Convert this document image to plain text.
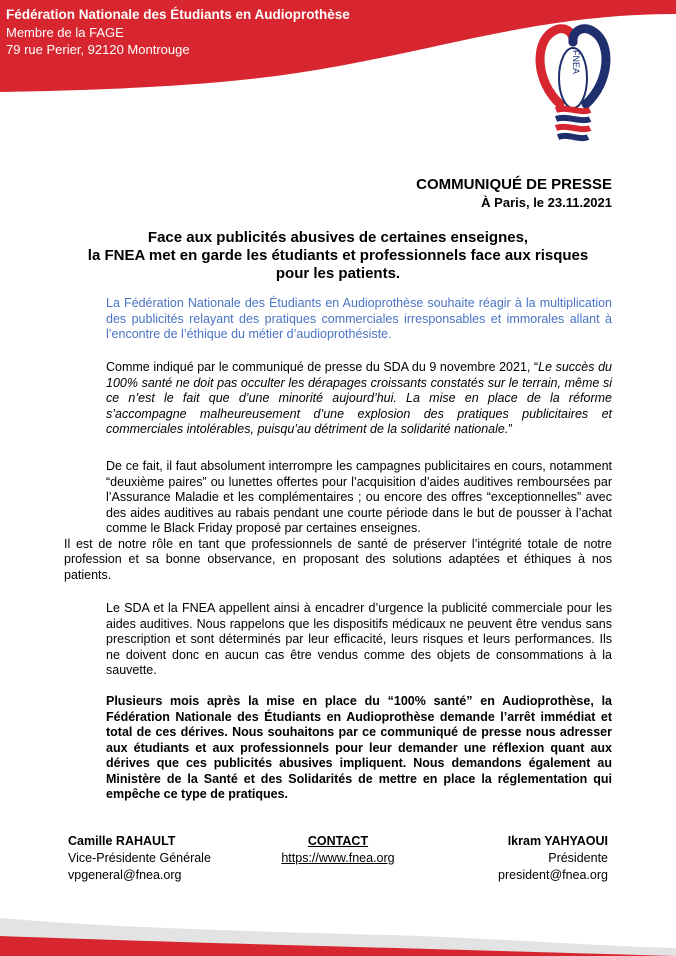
Fédération Nationale des Étudiants en Audioprothèse
Membre de la FAGE
79 rue Perier, 92120 Montrouge
FNEA
COMMUNIQUÉ DE PRESSE
À Paris, le 23.11.2021
Face aux publicités abusives de certaines enseignes,
la FNEA met en garde les étudiants et professionnels face aux risques
pour les patients.
La Fédération Nationale des Étudiants en Audioprothèse souhaite réagir à la multiplication des publicités relayant des pratiques commerciales irresponsables et immorales allant à l’encontre de l’éthique du métier d’audioprothésiste.
Comme indiqué par le communiqué de presse du SDA du 9 novembre 2021, “Le succès du 100% santé ne doit pas occulter les dérapages croissants constatés sur le terrain, même si ce n’est le fait que d’une minorité aujourd’hui. La mise en place de la réforme s’accompagne malheureusement d’une explosion des pratiques publicitaires et commerciales intolérables, puisqu’au détriment de la solidarité nationale.”
De ce fait, il faut absolument interrompre les campagnes publicitaires en cours, notamment “deuxième paires” ou lunettes offertes pour l’acquisition d’aides auditives remboursées par l’Assurance Maladie et les complémentaires ; ou encore des offres “exceptionnelles” avec des aides auditives au rabais pendant une courte période dans le but de pousser à l’achat comme le Black Friday proposé par certaines enseignes.
Il est de notre rôle en tant que professionnels de santé de préserver l’intégrité totale de notre profession et sa bonne observance, en proposant des solutions adaptées et éthiques à nos patients.
Le SDA et la FNEA appellent ainsi à encadrer d’urgence la publicité commerciale pour les aides auditives. Nous rappelons que les dispositifs médicaux ne peuvent être vendus sans prescription et sont déterminés par leur efficacité, leurs risques et leurs performances. Ils ne doivent donc en aucun cas être vendus comme des objets de consommations à la sauvette.
Plusieurs mois après la mise en place du “100% santé” en Audioprothèse, la Fédération Nationale des Étudiants en Audioprothèse demande l’arrêt immédiat et total de ces dérives. Nous souhaitons par ce communiqué de presse nous adresser aux étudiants et aux professionnels pour leur demander une réflexion quant aux dérives que ces publicités abusives impliquent. Nous demandons également au Ministère de la Santé et des Solidarités de mettre en place la réglementation qui empêche ce type de pratiques.
Camille RAHAULT
Vice-Présidente Générale
vpgeneral@fnea.org
CONTACT
https://www.fnea.org
Ikram YAHYAOUI
Présidente
president@fnea.org
